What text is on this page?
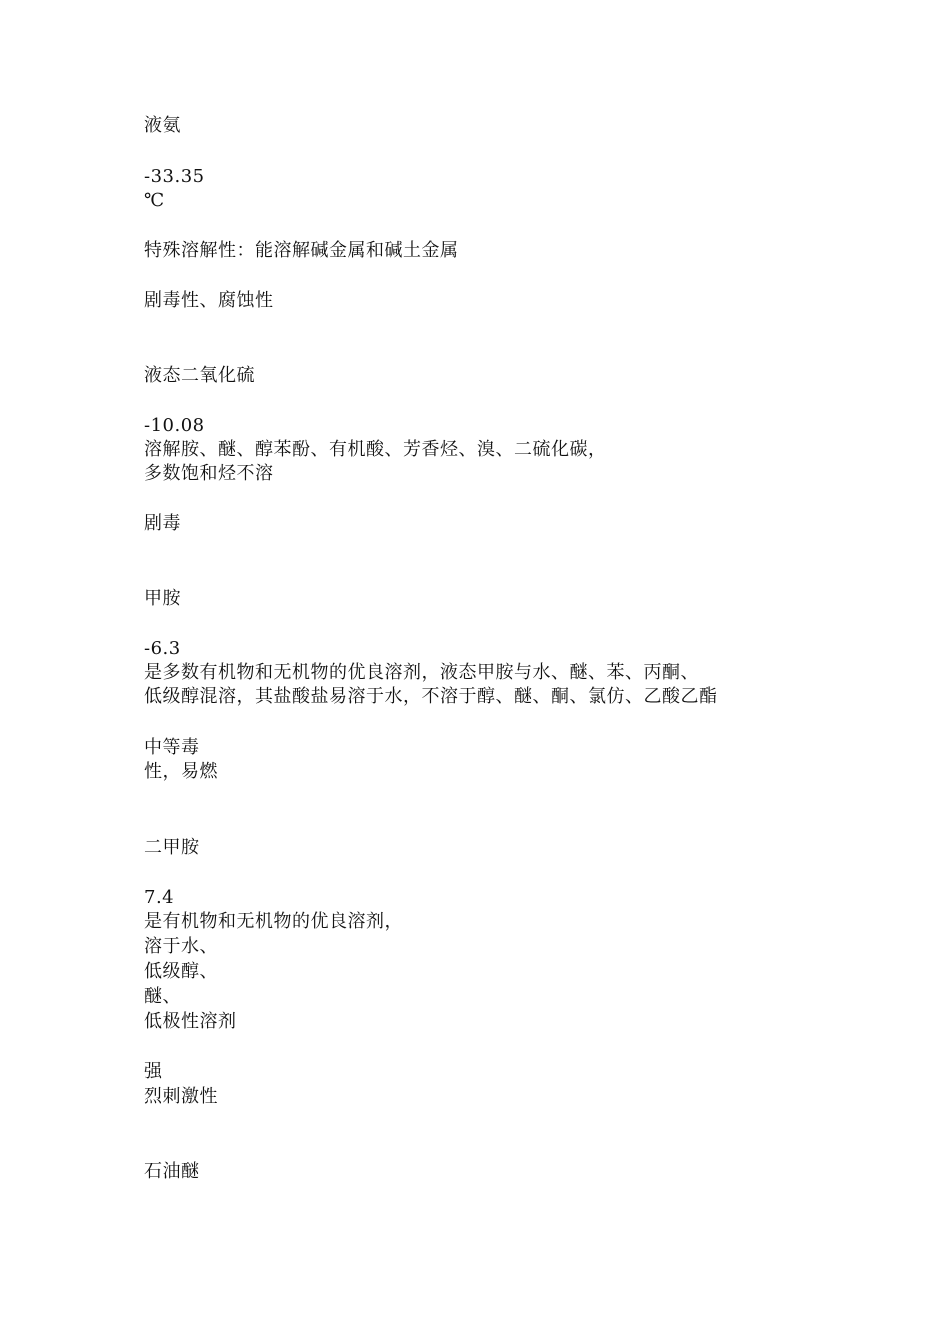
液氨
-33.35
℃
特殊溶解性：能溶解碱金属和碱土金属
剧毒性、腐蚀性
液态二氧化硫
-10.08
溶解胺、醚、醇苯酚、有机酸、芳香烃、溴、二硫化碳，
多数饱和烃不溶
剧毒
甲胺
-6.3
是多数有机物和无机物的优良溶剂，液态甲胺与水、醚、苯、丙酮、
低级醇混溶，其盐酸盐易溶于水，不溶于醇、醚、酮、氯仿、乙酸乙酯
中等毒
性，易燃
二甲胺
7.4
是有机物和无机物的优良溶剂，
溶于水、
低级醇、
醚、
低极性溶剂
强
烈刺激性
石油醚
